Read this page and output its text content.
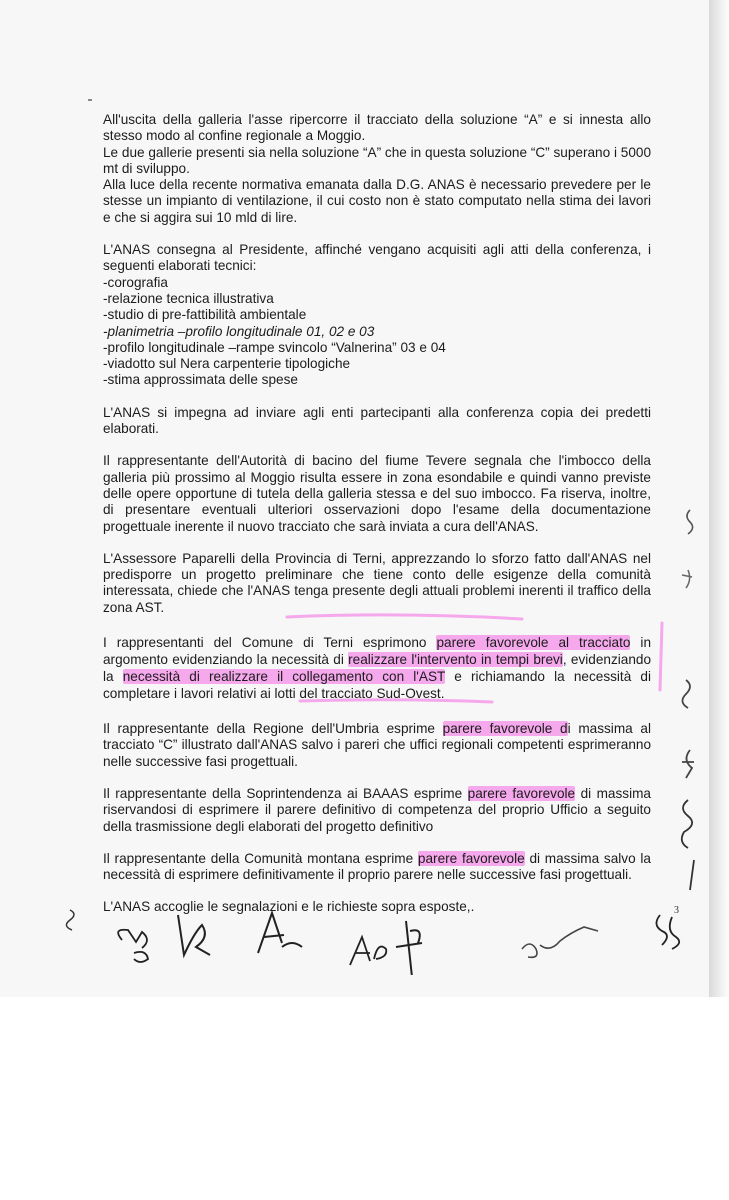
All'uscita della galleria l'asse ripercorre il tracciato della soluzione “A” e si innesta allo stesso modo al confine regionale a Moggio.

Le due gallerie presenti sia nella soluzione “A” che in questa soluzione “C” superano i 5000 mt di sviluppo.

Alla luce della recente normativa emanata dalla D.G. ANAS è necessario prevedere per le stesse un impianto di ventilazione, il cui costo non è stato computato nella stima dei lavori e che si aggira sui 10 mld di lire.

L'ANAS consegna al Presidente, affinché vengano acquisiti agli atti della conferenza, i seguenti elaborati tecnici:

-corografia
-relazione tecnica illustrativa
-studio di pre-fattibilità ambientale
-planimetria –profilo longitudinale 01, 02 e 03
-profilo longitudinale –rampe svincolo “Valnerina” 03 e 04
-viadotto sul Nera carpenterie tipologiche
-stima approssimata delle spese

L'ANAS si impegna ad inviare agli enti partecipanti alla conferenza copia dei predetti elaborati.

Il rappresentante dell'Autorità di bacino del fiume Tevere segnala che l'imbocco della galleria più prossimo al Moggio risulta essere in zona esondabile e quindi vanno previste delle opere opportune di tutela della galleria stessa e del suo imbocco. Fa riserva, inoltre, di presentare eventuali ulteriori osservazioni dopo l'esame della documentazione progettuale inerente il nuovo tracciato che sarà inviata a cura dell'ANAS.

L'Assessore Paparelli della Provincia di Terni, apprezzando lo sforzo fatto dall'ANAS nel predisporre un progetto preliminare che tiene conto delle esigenze della comunità interessata, chiede che l'ANAS tenga presente degli attuali problemi inerenti il traffico della zona AST.

I rappresentanti del Comune di Terni esprimono parere favorevole al tracciato in argomento evidenziando la necessità di realizzare l'intervento in tempi brevi, evidenziando la necessità di realizzare il collegamento con l'AST e richiamando la necessità di completare i lavori relativi ai lotti del tracciato Sud-Ovest.

Il rappresentante della Regione dell'Umbria esprime parere favorevole di massima al tracciato “C” illustrato dall'ANAS salvo i pareri che uffici regionali competenti esprimeranno nelle successive fasi progettuali.

Il rappresentante della Soprintendenza ai BAAAS esprime parere favorevole di massima riservandosi di esprimere il parere definitivo di competenza del proprio Ufficio a seguito della trasmissione degli elaborati del progetto definitivo

Il rappresentante della Comunità montana esprime parere favorevole di massima salvo la necessità di esprimere definitivamente il proprio parere nelle successive fasi progettuali.

L'ANAS accoglie le segnalazioni e le richieste sopra esposte,.	3
